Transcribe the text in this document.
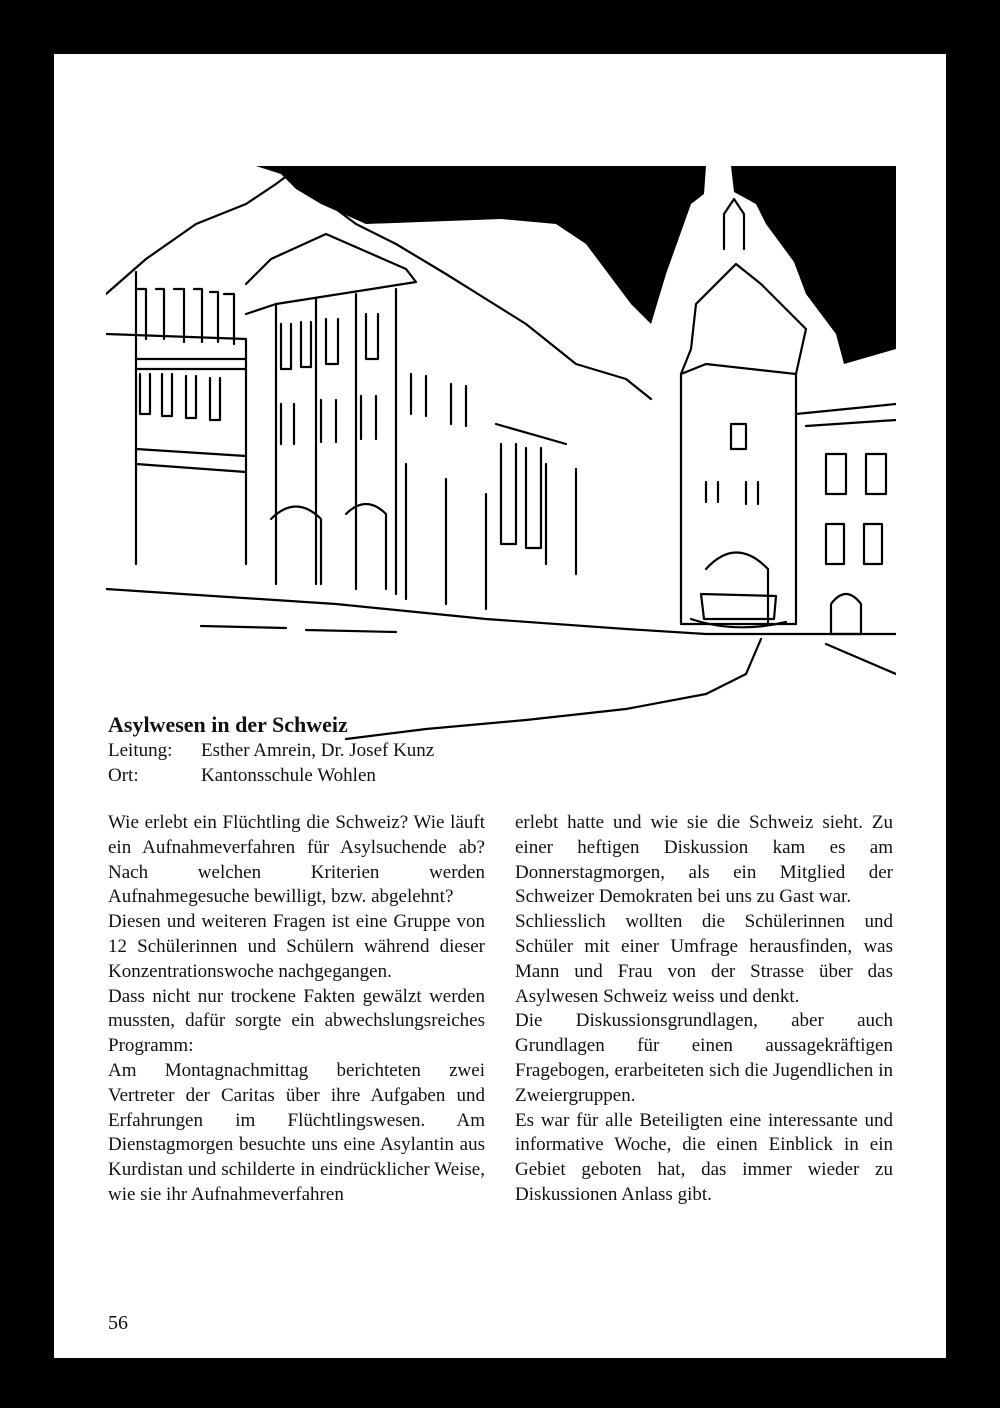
Asylwesen in der Schweiz
Leitung:	Esther Amrein, Dr. Josef Kunz
Ort:	Kantonsschule Wohlen

Wie erlebt ein Flüchtling die Schweiz? Wie läuft ein Aufnahmeverfahren für Asylsuchende ab? Nach welchen Kriterien werden Aufnahmegesuche bewilligt, bzw. abgelehnt?

Diesen und weiteren Fragen ist eine Gruppe von 12 Schülerinnen und Schülern während dieser Konzentrationswoche nachgegangen.

Dass nicht nur trockene Fakten gewälzt werden mussten, dafür sorgte ein abwechslungsreiches Programm:

Am Montagnachmittag berichteten zwei Vertreter der Caritas über ihre Aufgaben und Erfahrungen im Flüchtlingswesen. Am Dienstagmorgen besuchte uns eine Asylantin aus Kurdistan und schilderte in eindrücklicher Weise, wie sie ihr Aufnahmeverfahren

erlebt hatte und wie sie die Schweiz sieht. Zu einer heftigen Diskussion kam es am Donnerstagmorgen, als ein Mitglied der Schweizer Demokraten bei uns zu Gast war.

Schliesslich wollten die Schülerinnen und Schüler mit einer Umfrage herausfinden, was Mann und Frau von der Strasse über das Asylwesen Schweiz weiss und denkt.

Die Diskussionsgrundlagen, aber auch Grundlagen für einen aussagekräftigen Fragebogen, erarbeiteten sich die Jugendlichen in Zweiergruppen.

Es war für alle Beteiligten eine interessante und informative Woche, die einen Einblick in ein Gebiet geboten hat, das immer wieder zu Diskussionen Anlass gibt.

56
